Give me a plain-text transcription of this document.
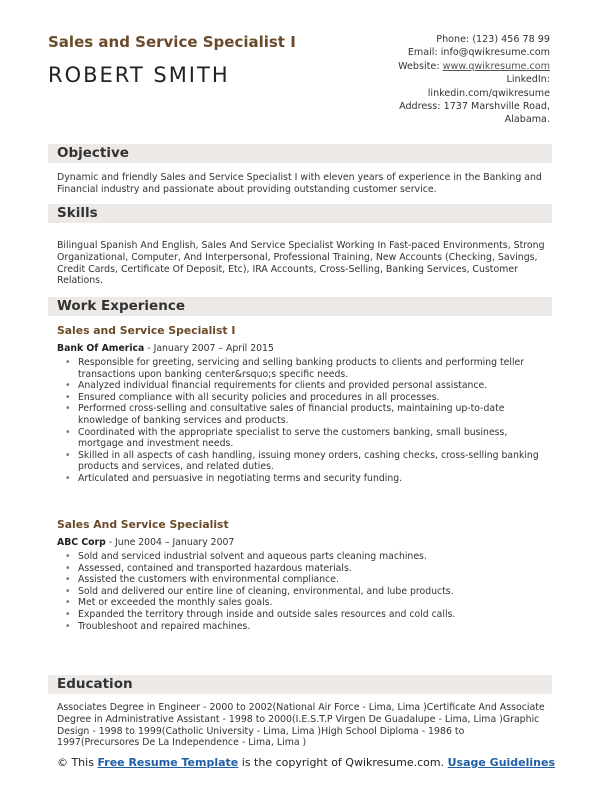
Sales and Service Specialist I
ROBERT SMITH
Phone: (123) 456 78 99
Email: info@qwikresume.com
Website: www.qwikresume.com
LinkedIn:
linkedin.com/qwikresume
Address: 1737 Marshville Road,
Alabama.
Objective
Dynamic and friendly Sales and Service Specialist I with eleven years of experience in the Banking and Financial industry and passionate about providing outstanding customer service.
Skills
Bilingual Spanish And English, Sales And Service Specialist Working In Fast-paced Environments, Strong Organizational, Computer, And Interpersonal, Professional Training, New Accounts (Checking, Savings, Credit Cards, Certificate Of Deposit, Etc), IRA Accounts, Cross-Selling, Banking Services, Customer Relations.
Work Experience
Sales and Service Specialist I
Bank Of America - January 2007 – April 2015
• Responsible for greeting, servicing and selling banking products to clients and performing teller transactions upon banking center&rsquo;s specific needs.
• Analyzed individual financial requirements for clients and provided personal assistance.
• Ensured compliance with all security policies and procedures in all processes.
• Performed cross-selling and consultative sales of financial products, maintaining up-to-date knowledge of banking services and products.
• Coordinated with the appropriate specialist to serve the customers banking, small business, mortgage and investment needs.
• Skilled in all aspects of cash handling, issuing money orders, cashing checks, cross-selling banking products and services, and related duties.
• Articulated and persuasive in negotiating terms and security funding.
Sales And Service Specialist
ABC Corp - June 2004 – January 2007
• Sold and serviced industrial solvent and aqueous parts cleaning machines.
• Assessed, contained and transported hazardous materials.
• Assisted the customers with environmental compliance.
• Sold and delivered our entire line of cleaning, environmental, and lube products.
• Met or exceeded the monthly sales goals.
• Expanded the territory through inside and outside sales resources and cold calls.
• Troubleshoot and repaired machines.
Education
Associates Degree in Engineer - 2000 to 2002(National Air Force - Lima, Lima )Certificate And Associate Degree in Administrative Assistant - 1998 to 2000(I.E.S.T.P Virgen De Guadalupe - Lima, Lima )Graphic Design - 1998 to 1999(Catholic University - Lima, Lima )High School Diploma - 1986 to 1997(Precursores De La Independence - Lima, Lima )
© This Free Resume Template is the copyright of Qwikresume.com. Usage Guidelines
